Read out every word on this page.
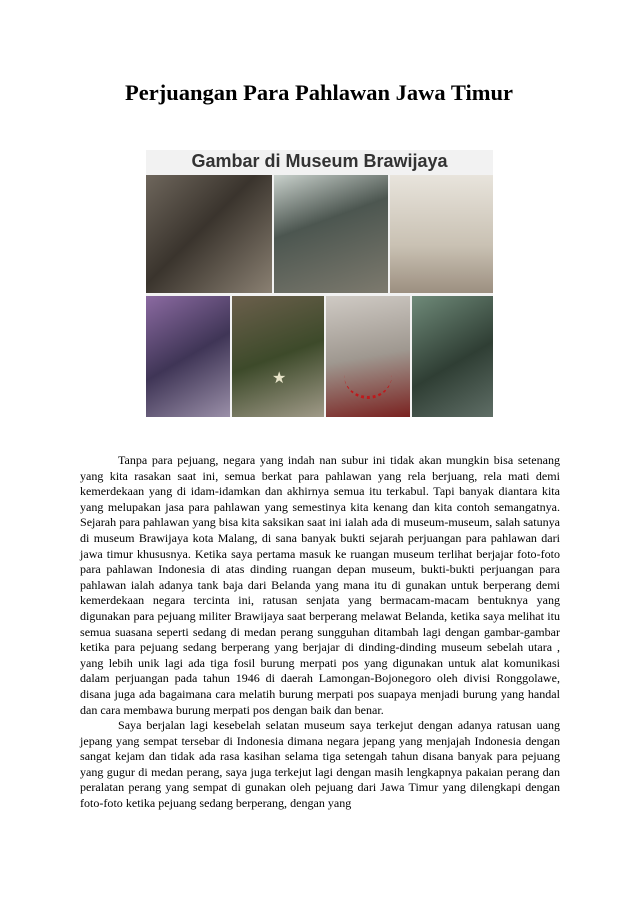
Perjuangan Para Pahlawan Jawa Timur
Gambar di Museum Brawijaya
★

Tanpa para pejuang, negara yang indah nan subur ini tidak akan mungkin bisa setenang yang kita rasakan saat ini, semua berkat para pahlawan yang rela berjuang, rela mati demi kemerdekaan yang di idam-idamkan dan akhirnya semua itu terkabul. Tapi banyak diantara kita yang melupakan jasa para pahlawan yang semestinya kita kenang dan kita contoh semangatnya. Sejarah para pahlawan yang bisa kita saksikan saat ini ialah ada di museum-museum, salah satunya di museum Brawijaya kota Malang, di sana banyak bukti sejarah perjuangan para pahlawan dari jawa timur khususnya. Ketika saya pertama masuk ke ruangan museum terlihat berjajar foto-foto para pahlawan Indonesia di atas dinding ruangan depan museum, bukti-bukti perjuangan para pahlawan ialah adanya tank baja dari Belanda yang mana itu di gunakan untuk berperang demi kemerdekaan negara tercinta ini, ratusan senjata yang bermacam-macam bentuknya yang digunakan para pejuang militer Brawijaya saat berperang melawat Belanda, ketika saya melihat itu semua suasana seperti sedang di medan perang sungguhan ditambah lagi dengan gambar-gambar ketika para pejuang sedang berperang yang berjajar di dinding-dinding museum sebelah utara , yang lebih unik lagi ada tiga fosil burung merpati pos yang digunakan untuk alat komunikasi dalam perjuangan pada tahun 1946 di daerah Lamongan-Bojonegoro oleh divisi Ronggolawe, disana juga ada bagaimana cara melatih burung merpati pos suapaya menjadi burung yang handal dan cara membawa burung merpati pos dengan baik dan benar.

Saya berjalan lagi kesebelah selatan museum saya terkejut dengan adanya ratusan uang jepang yang sempat tersebar di Indonesia dimana negara jepang yang menjajah Indonesia dengan sangat kejam dan tidak ada rasa kasihan selama tiga setengah tahun disana banyak para pejuang yang gugur di medan perang, saya juga terkejut lagi dengan masih lengkapnya pakaian perang dan peralatan perang yang sempat di gunakan oleh pejuang dari Jawa Timur yang dilengkapi dengan foto-foto ketika pejuang sedang berperang, dengan yang
